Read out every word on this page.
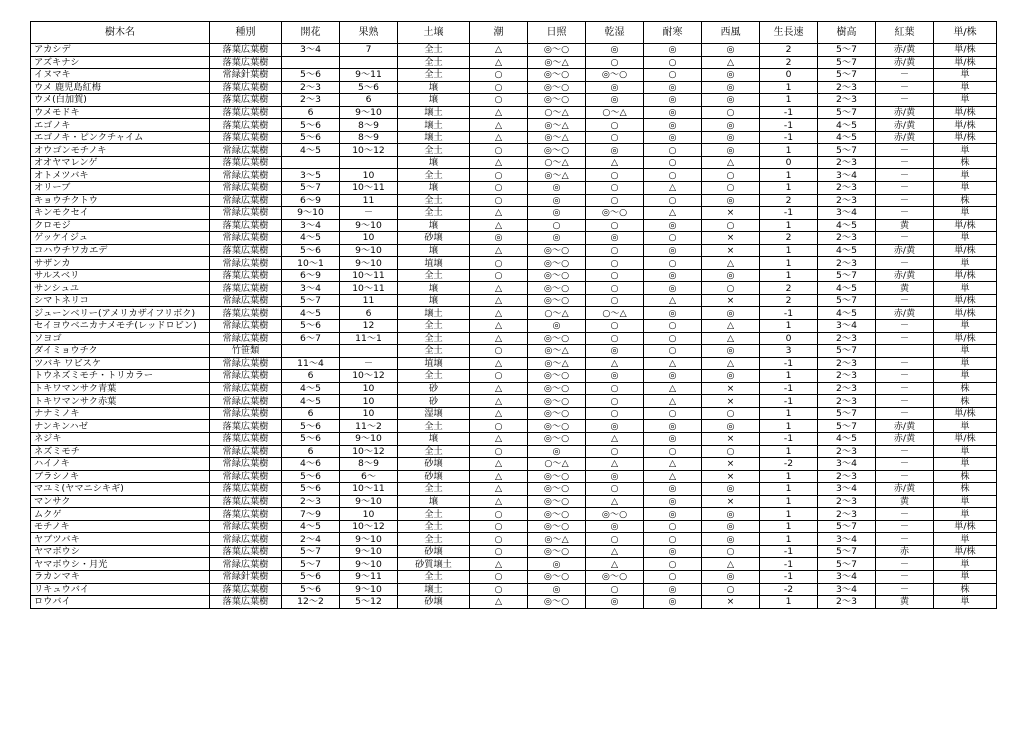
樹木名	種別	開花	果熟	土壌	潮	日照	乾湿	耐寒	西風	生長速	樹高	紅葉	単/株
アカシデ	落葉広葉樹	3～4	7	全土	△	◎～○	◎	◎	◎	2	5～7	赤/黄	単/株
アズキナシ	落葉広葉樹			全土	△	◎～△	○	○	△	2	5～7	赤/黄	単/株
イヌマキ	常緑針葉樹	5～6	9～11	全土	○	◎～○	◎～○	○	◎	0	5～7	－	単
ウメ 鹿児島紅梅	落葉広葉樹	2～3	5～6	壌	○	◎～○	◎	◎	◎	1	2～3	－	単
ウメ(白加賀)	落葉広葉樹	2～3	6	壌	○	◎～○	◎	◎	◎	1	2～3	－	単
ウメモドキ	落葉広葉樹	6	9～10	壌土	△	○～△	○～△	◎	○	-1	5～7	赤/黄	単/株
エゴノキ	落葉広葉樹	5～6	8～9	壌土	△	◎～△	○	◎	◎	-1	4～5	赤/黄	単/株
エゴノキ・ピンクチャイム	落葉広葉樹	5～6	8～9	壌土	△	◎～△	○	◎	◎	-1	4～5	赤/黄	単/株
オウゴンモチノキ	常緑広葉樹	4～5	10～12	全土	○	◎～○	◎	○	◎	1	5～7	－	単
オオヤマレンゲ	落葉広葉樹			壌	△	○～△	△	○	△	0	2～3	－	株
オトメツバキ	常緑広葉樹	3～5	10	全土	○	◎～△	○	○	○	1	3～4	－	単
オリーブ	常緑広葉樹	5～7	10～11	壌	○	◎	○	△	○	1	2～3	－	単
キョウチクトウ	常緑広葉樹	6～9	11	全土	○	◎	○	○	◎	2	2～3	－	株
キンモクセイ	常緑広葉樹	9～10	－	全土	△	◎	◎～○	△	×	-1	3～4	－	単
クロモジ	落葉広葉樹	3～4	9～10	壌	△	○	○	◎	○	1	4～5	黄	単/株
ゲッケイジュ	常緑広葉樹	4～5	10	砂壌	◎	◎	◎	○	×	2	2～3	－	単
コハウチワカエデ	落葉広葉樹	5～6	9～10	壌	△	◎～○	○	◎	×	1	4～5	赤/黄	単/株
サザンカ	常緑広葉樹	10～1	9～10	埴壌	○	◎～○	○	○	△	1	2～3	－	単
サルスベリ	落葉広葉樹	6～9	10～11	全土	○	◎～○	○	◎	◎	1	5～7	赤/黄	単/株
サンシュユ	落葉広葉樹	3～4	10～11	壌	△	◎～○	○	◎	○	2	4～5	黄	単
シマトネリコ	常緑広葉樹	5～7	11	壌	△	◎～○	○	△	×	2	5～7	－	単/株
ジューンベリー(アメリカザイフリボク)	落葉広葉樹	4～5	6	壌土	△	○～△	○～△	◎	◎	-1	4～5	赤/黄	単/株
セイヨウベニカナメモチ(レッドロビン)	常緑広葉樹	5～6	12	全土	△	◎	○	○	△	1	3～4	－	単
ソヨゴ	常緑広葉樹	6～7	11～1	全土	△	◎～○	○	○	△	0	2～3	－	単/株
ダイミョウチク	竹笹類			全土	○	◎～△	◎	○	◎	3	5～7		単
ツバキ ワビスケ	常緑広葉樹	11～4	－	埴壌	△	◎～△	△	△	△	-1	2～3	－	単
トウネズミモチ・トリカラー	常緑広葉樹	6	10～12	全土	○	◎～○	◎	◎	◎	1	2～3	－	単
トキワマンサク青葉	常緑広葉樹	4～5	10	砂	△	◎～○	○	△	×	-1	2～3	－	株
トキワマンサク赤葉	常緑広葉樹	4～5	10	砂	△	◎～○	○	△	×	-1	2～3	－	株
ナナミノキ	常緑広葉樹	6	10	湿壌	△	◎～○	○	○	○	1	5～7	－	単/株
ナンキンハゼ	落葉広葉樹	5～6	11～2	全土	○	◎～○	◎	◎	◎	1	5～7	赤/黄	単
ネジキ	落葉広葉樹	5～6	9～10	壌	△	◎～○	△	◎	×	-1	4～5	赤/黄	単/株
ネズミモチ	常緑広葉樹	6	10～12	全土	○	◎	○	○	○	1	2～3	－	単
ハイノキ	常緑広葉樹	4～6	8～9	砂壌	△	○～△	△	△	×	-2	3～4	－	単
ブラシノキ	常緑広葉樹	5～6	6～	砂壌	△	◎～○	◎	△	×	1	2～3	－	株
マユミ(ヤマニシキギ)	落葉広葉樹	5～6	10～11	全土	△	◎～○	○	◎	◎	1	3～4	赤/黄	株
マンサク	落葉広葉樹	2～3	9～10	壌	△	◎～○	△	◎	×	1	2～3	黄	単
ムクゲ	落葉広葉樹	7～9	10	全土	○	◎～○	◎～○	◎	◎	1	2～3	－	単
モチノキ	常緑広葉樹	4～5	10～12	全土	○	◎～○	◎	○	◎	1	5～7	－	単/株
ヤブツバキ	常緑広葉樹	2～4	9～10	全土	○	◎～△	○	○	◎	1	3～4	－	単
ヤマボウシ	落葉広葉樹	5～7	9～10	砂壌	○	◎～○	△	◎	○	-1	5～7	赤	単/株
ヤマボウシ・月光	常緑広葉樹	5～7	9～10	砂質壌土	△	◎	△	○	△	-1	5～7	－	単
ラカンマキ	常緑針葉樹	5～6	9～11	全土	○	◎～○	◎～○	○	◎	-1	3～4	－	単
リキュウバイ	落葉広葉樹	5～6	9～10	壌土	○	◎	○	◎	○	-2	3～4	－	株
ロウバイ	落葉広葉樹	12～2	5～12	砂壌	△	◎～○	◎	◎	×	1	2～3	黄	単
